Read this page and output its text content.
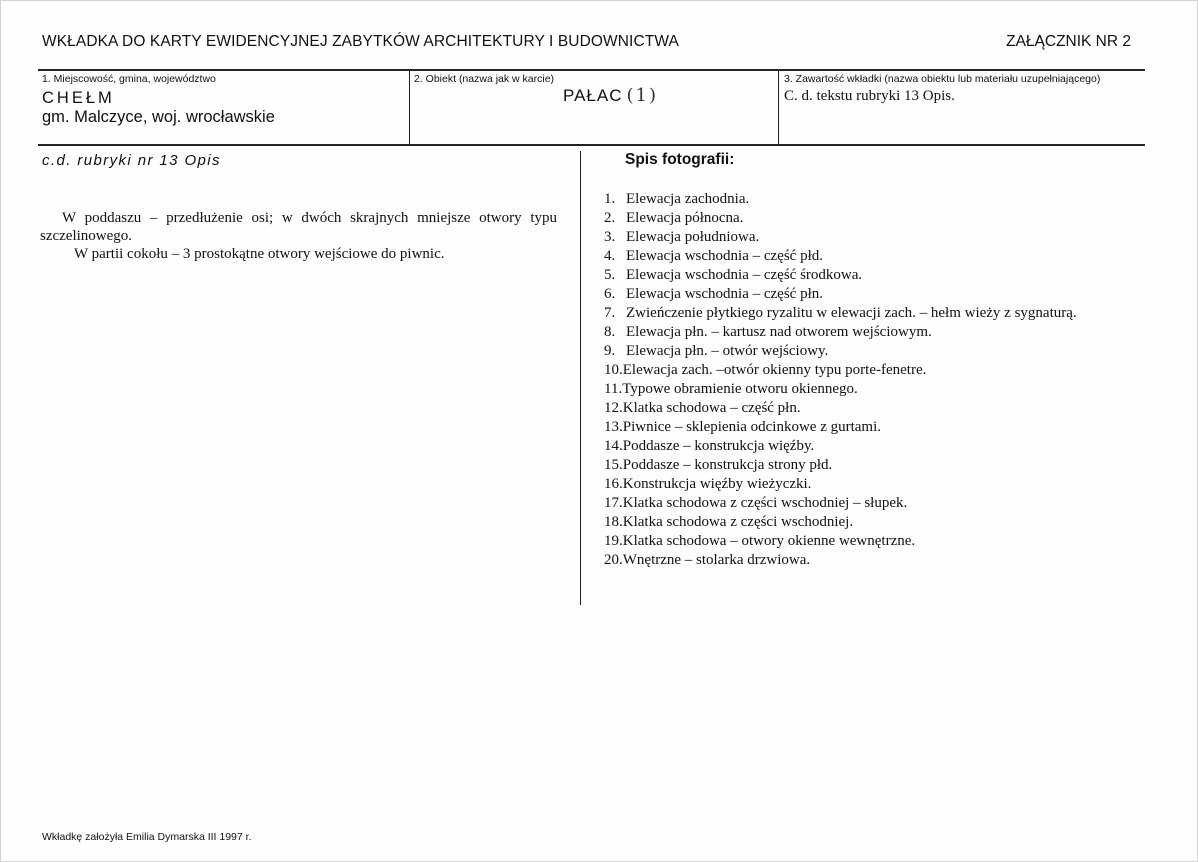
WKŁADKA DO KARTY EWIDENCYJNEJ ZABYTKÓW ARCHITEKTURY I BUDOWNICTWA	ZAŁĄCZNIK NR 2
1. Miejscowość, gmina, województwo
CHEŁM
gm. Malczyce, woj. wrocławskie
2. Obiekt (nazwa jak w karcie)
PAŁAC (1)
3. Zawartość wkładki (nazwa obiektu lub materiału uzupełniającego)
C. d. tekstu rubryki 13 Opis.
c.d. rubryki nr 13 Opis

W poddaszu – przedłużenie osi; w dwóch skrajnych mniejsze otwory typu szczelinowego.

W partii cokołu – 3 prostokątne otwory wejściowe do piwnic.

Spis fotografii:
1. Elewacja zachodnia.
2. Elewacja północna.
3. Elewacja południowa.
4. Elewacja wschodnia – część płd.
5. Elewacja wschodnia – część środkowa.
6. Elewacja wschodnia – część płn.
7. Zwieńczenie płytkiego ryzalitu w elewacji zach. – hełm wieży z sygnaturą.
8. Elewacja płn. – kartusz nad otworem wejściowym.
9. Elewacja płn. – otwór wejściowy.
10. Elewacja zach. –otwór okienny typu porte-fenetre.
11. Typowe obramienie otworu okiennego.
12. Klatka schodowa – część płn.
13. Piwnice – sklepienia odcinkowe z gurtami.
14. Poddasze – konstrukcja więźby.
15. Poddasze – konstrukcja strony płd.
16. Konstrukcja więźby wieżyczki.
17. Klatka schodowa z części wschodniej – słupek.
18. Klatka schodowa z części wschodniej.
19. Klatka schodowa – otwory okienne wewnętrzne.
20. Wnętrzne – stolarka drzwiowa.
Wkładkę założyła Emilia Dymarska III 1997 r.
